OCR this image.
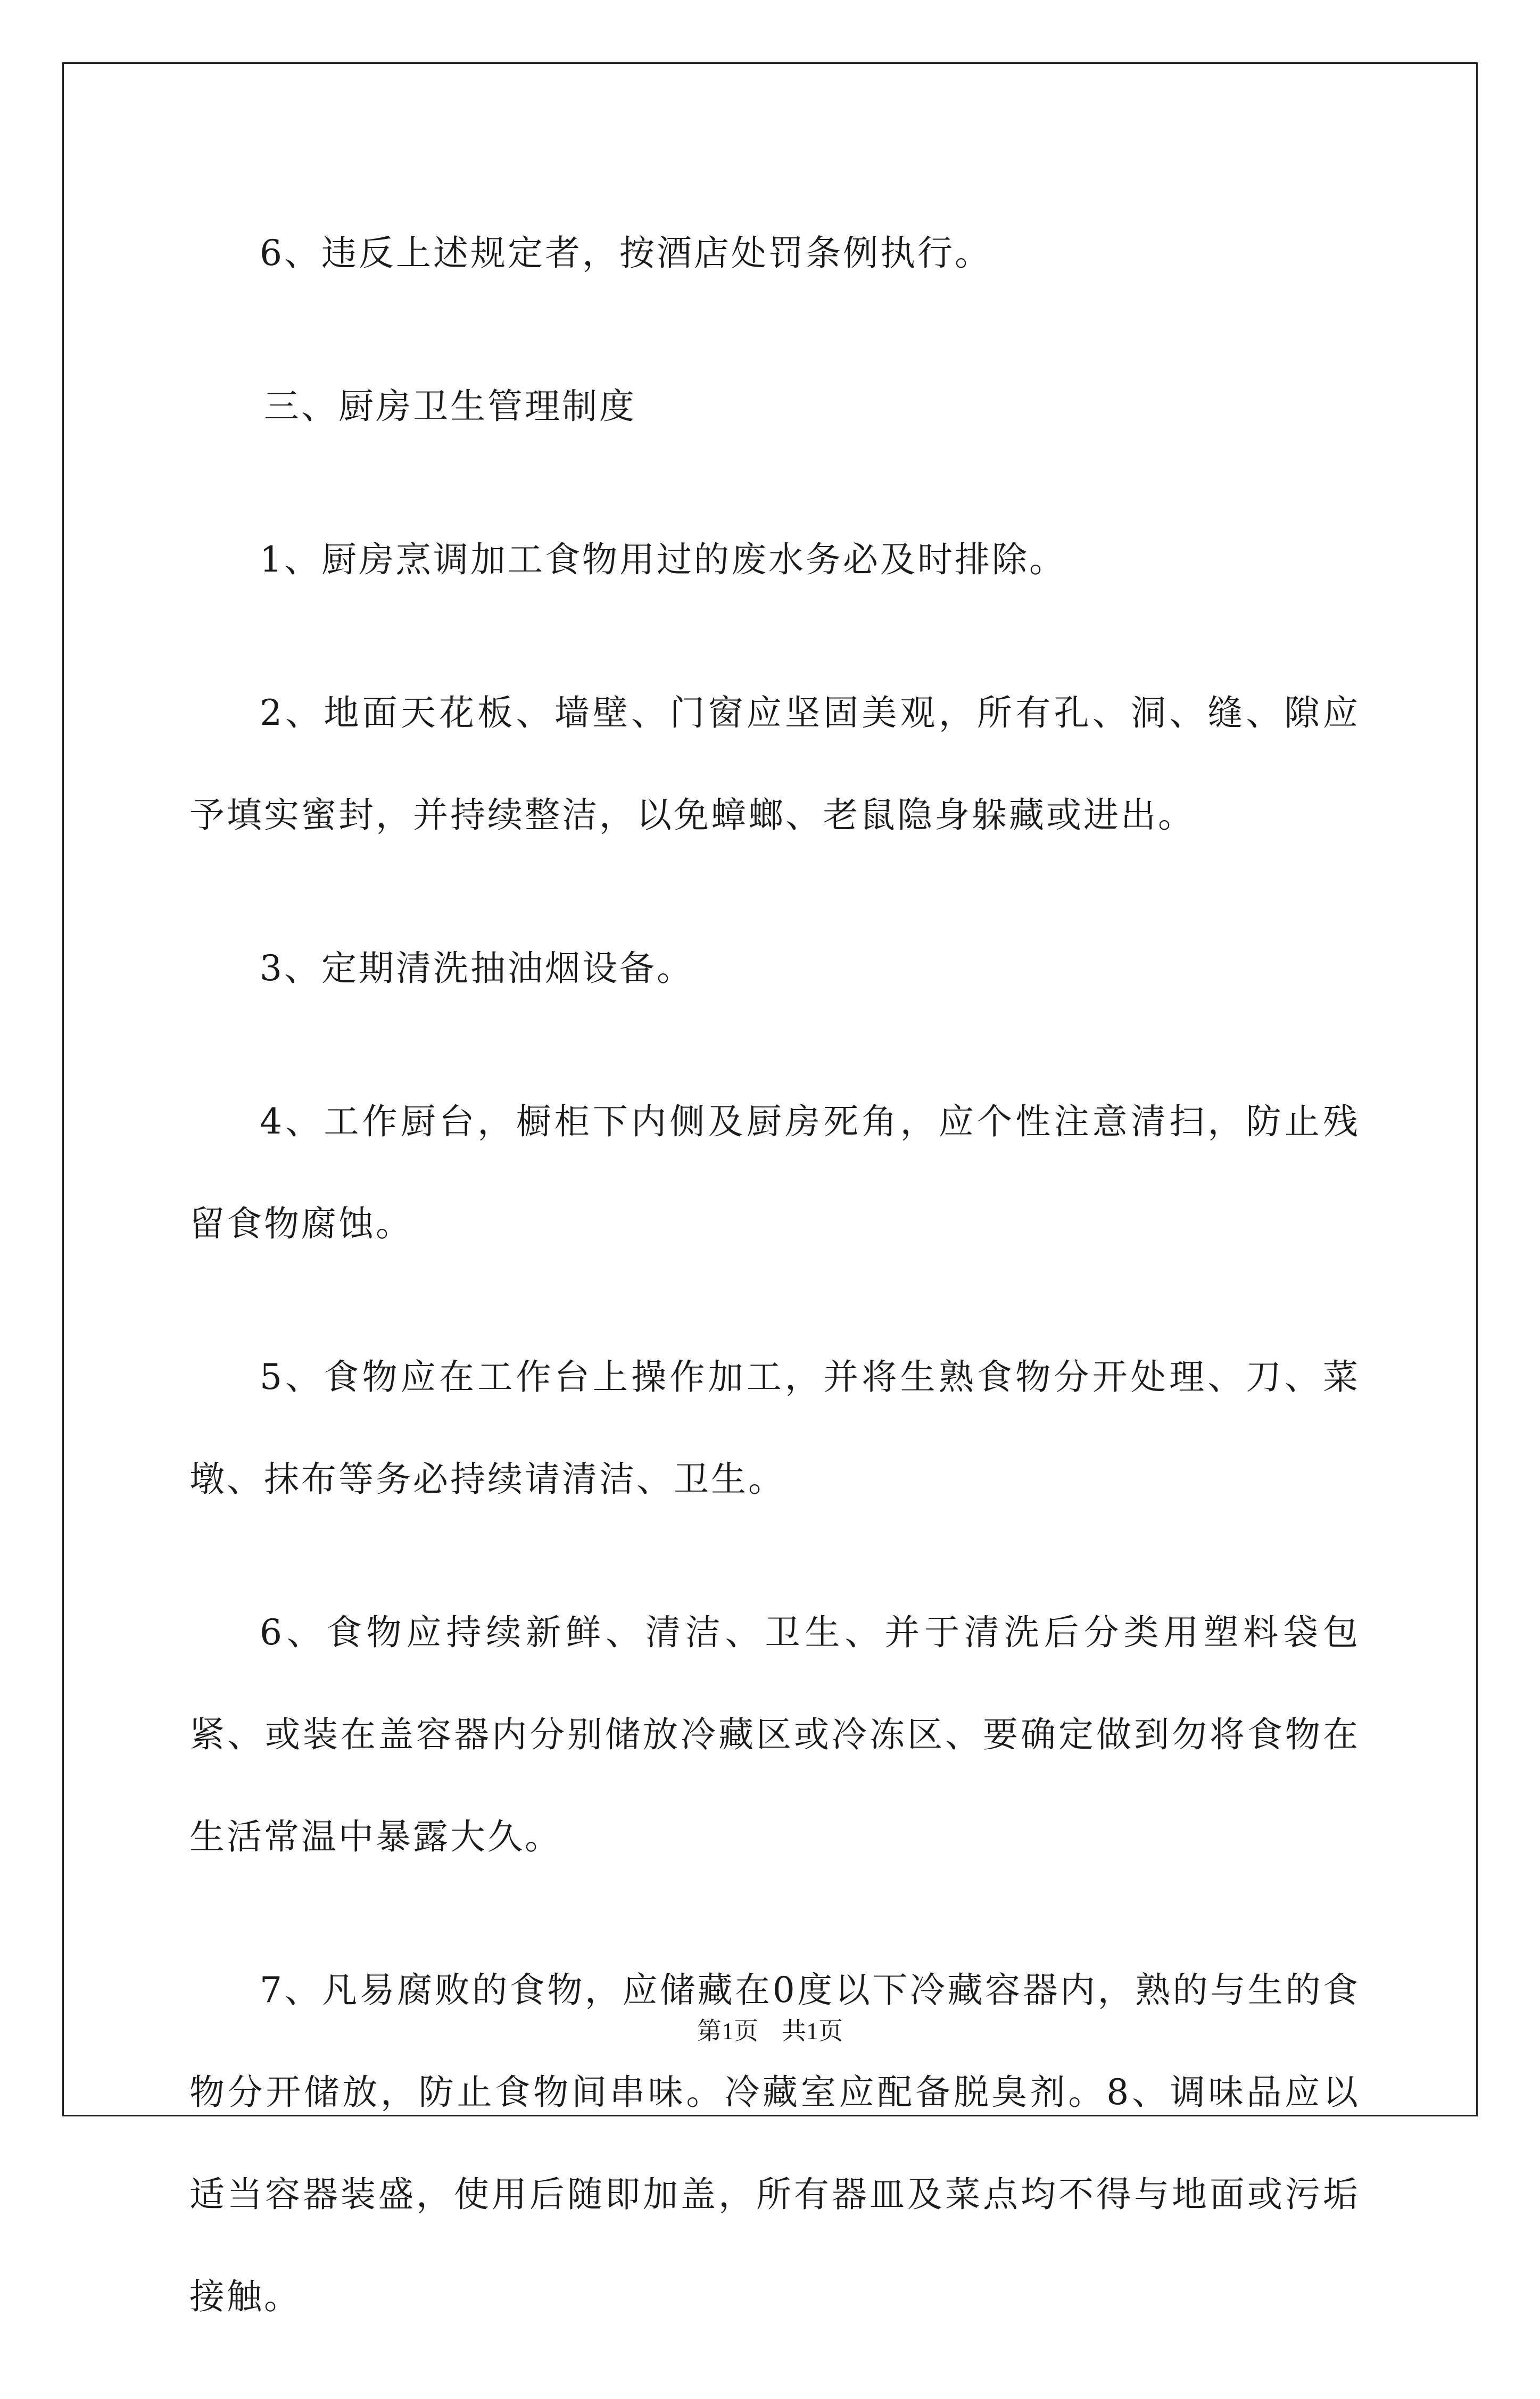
6、违反上述规定者，按酒店处罚条例执行。

三、厨房卫生管理制度

1、厨房烹调加工食物用过的废水务必及时排除。

2、地面天花板、墙壁、门窗应坚固美观，所有孔、洞、缝、隙应予填实蜜封，并持续整洁，以免蟑螂、老鼠隐身躲藏或进出。

3、定期清洗抽油烟设备。

4、工作厨台，橱柜下内侧及厨房死角，应个性注意清扫，防止残留食物腐蚀。

5、食物应在工作台上操作加工，并将生熟食物分开处理、刀、菜墩、抹布等务必持续请清洁、卫生。

6、食物应持续新鲜、清洁、卫生、并于清洗后分类用塑料袋包紧、或装在盖容器内分别储放冷藏区或冷冻区、要确定做到勿将食物在生活常温中暴露大久。

7、凡易腐败的食物，应储藏在0度以下冷藏容器内，熟的与生的食物分开储放，防止食物间串味。冷藏室应配备脱臭剂。8、调味品应以适当容器装盛，使用后随即加盖，所有器皿及菜点均不得与地面或污垢接触。

第1页 共1页
